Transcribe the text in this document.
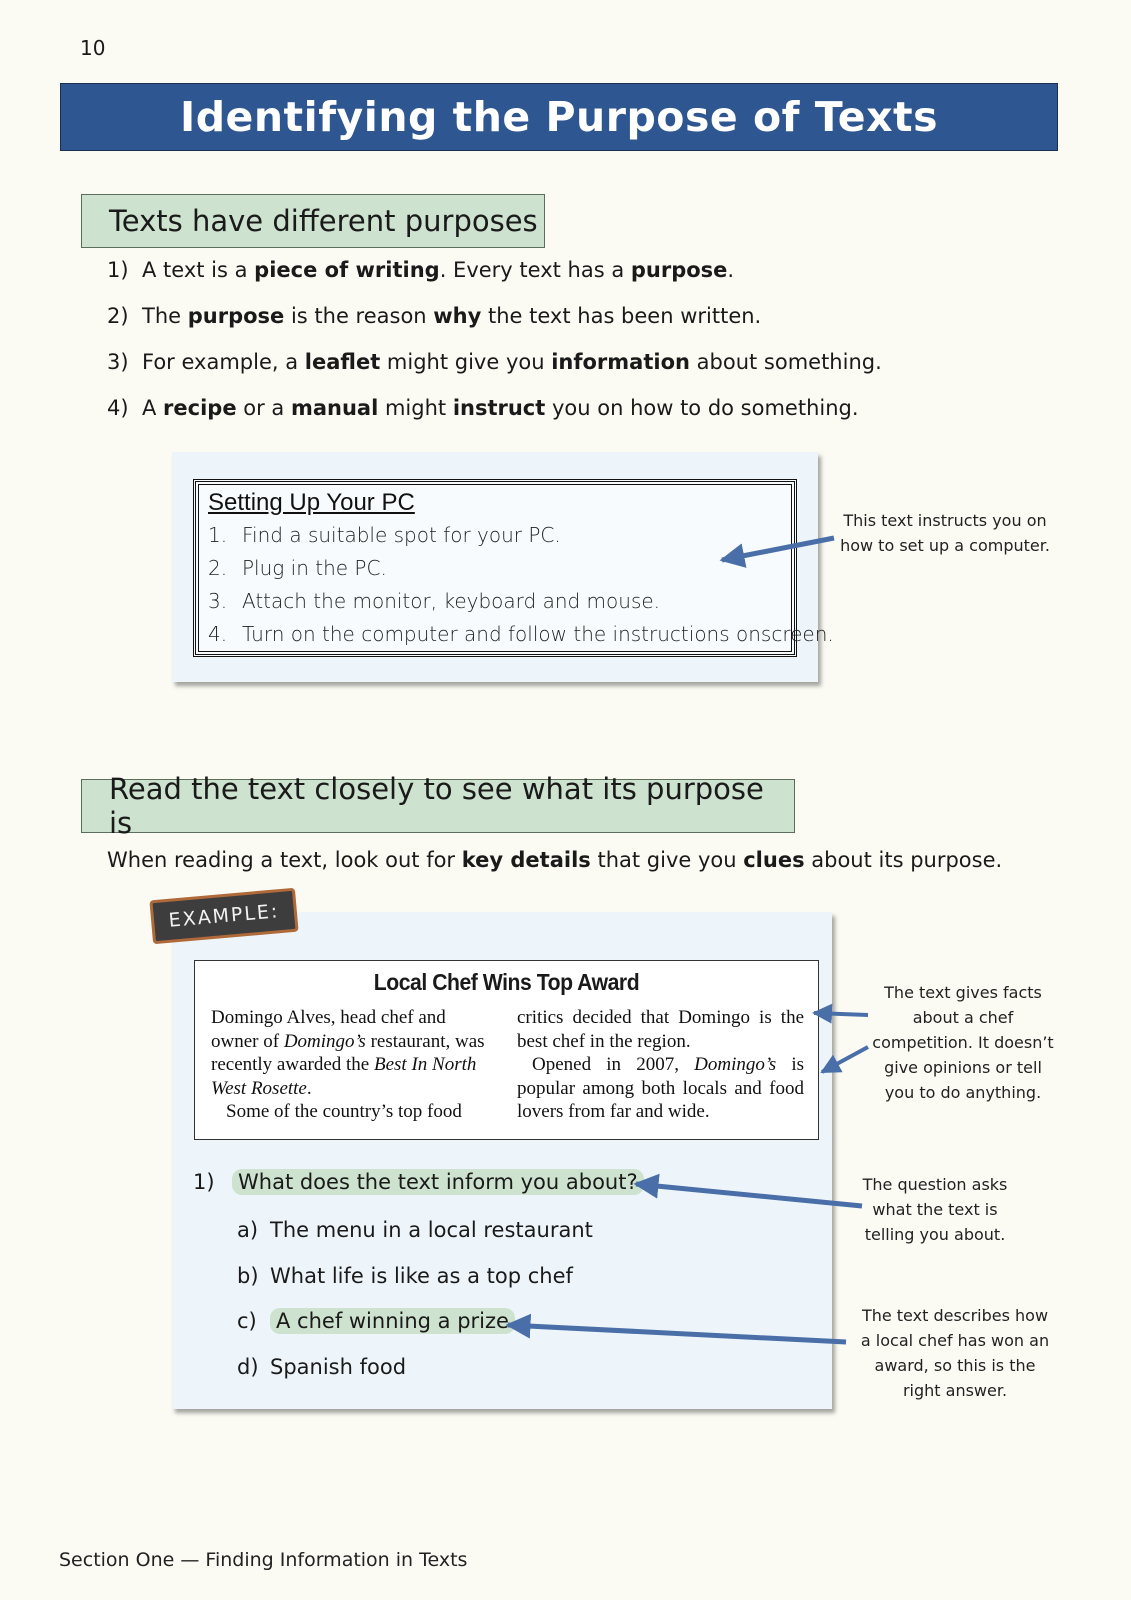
10
Identifying the Purpose of Texts
Texts have different purposes
1) A text is a piece of writing. Every text has a purpose.
2) The purpose is the reason why the text has been written.
3) For example, a leaflet might give you information about something.
4) A recipe or a manual might instruct you on how to do something.
Setting Up Your PC
1. Find a suitable spot for your PC.
2. Plug in the PC.
3. Attach the monitor, keyboard and mouse.
4. Turn on the computer and follow the instructions onscreen.
This text instructs you on how to set up a computer.
Read the text closely to see what its purpose is
When reading a text, look out for key details that give you clues about its purpose.
EXAMPLE:
Local Chef Wins Top Award
Domingo Alves, head chef and owner of Domingo’s restaurant, was recently awarded the Best In North West Rosette.
Some of the country’s top food
critics decided that Domingo is the best chef in the region.
Opened in 2007, Domingo’s is popular among both locals and food lovers from far and wide.
1) What does the text inform you about?
a) The menu in a local restaurant
b) What life is like as a top chef
c) A chef winning a prize
d) Spanish food
The text gives facts about a chef competition. It doesn’t give opinions or tell you to do anything.
The question asks what the text is telling you about.
The text describes how a local chef has won an award, so this is the right answer.
Section One — Finding Information in Texts
